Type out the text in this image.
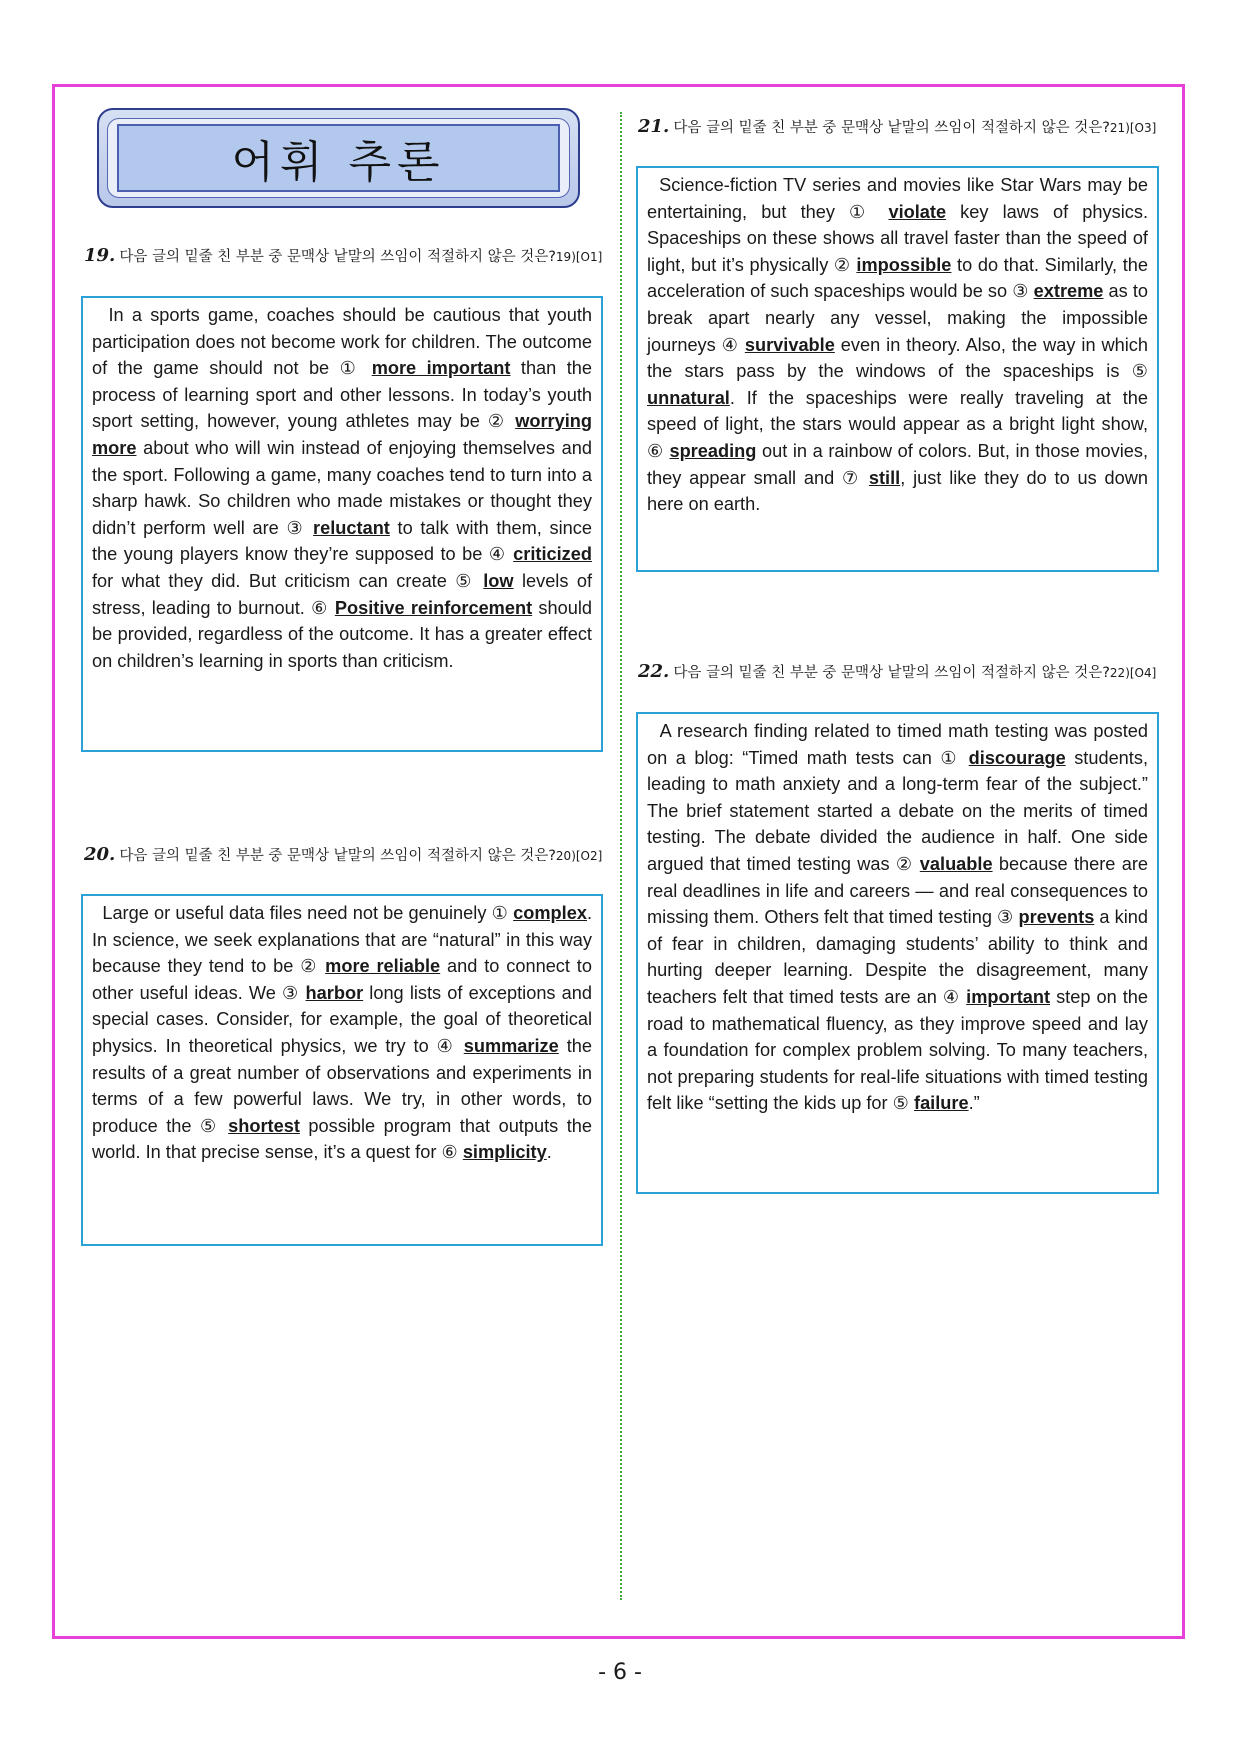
어휘 추론
19. 다음 글의 밑줄 친 부분 중 문맥상 낱말의 쓰임이 적절하지 않은 것은?19)[O1]
In a sports game, coaches should be cautious that youth participation does not become work for children. The outcome of the game should not be ① more important than the process of learning sport and other lessons. In today’s youth sport setting, however, young athletes may be ② worrying more about who will win instead of enjoying themselves and the sport. Following a game, many coaches tend to turn into a sharp hawk. So children who made mistakes or thought they didn’t perform well are ③ reluctant to talk with them, since the young players know they’re supposed to be ④ criticized for what they did. But criticism can create ⑤ low levels of stress, leading to burnout. ⑥ Positive reinforcement should be provided, regardless of the outcome. It has a greater effect on children’s learning in sports than criticism.
20. 다음 글의 밑줄 친 부분 중 문맥상 낱말의 쓰임이 적절하지 않은 것은?20)[O2]
Large or useful data files need not be genuinely ① complex. In science, we seek explanations that are “natural” in this way because they tend to be ② more reliable and to connect to other useful ideas. We ③ harbor long lists of exceptions and special cases. Consider, for example, the goal of theoretical physics. In theoretical physics, we try to ④ summarize the results of a great number of observations and experiments in terms of a few powerful laws. We try, in other words, to produce the ⑤ shortest possible program that outputs the world. In that precise sense, it’s a quest for ⑥ simplicity.
21. 다음 글의 밑줄 친 부분 중 문맥상 낱말의 쓰임이 적절하지 않은 것은?21)[O3]
Science-fiction TV series and movies like Star Wars may be entertaining, but they ① violate key laws of physics. Spaceships on these shows all travel faster than the speed of light, but it’s physically ② impossible to do that. Similarly, the acceleration of such spaceships would be so ③ extreme as to break apart nearly any vessel, making the impossible journeys ④ survivable even in theory. Also, the way in which the stars pass by the windows of the spaceships is ⑤ unnatural. If the spaceships were really traveling at the speed of light, the stars would appear as a bright light show, ⑥ spreading out in a rainbow of colors. But, in those movies, they appear small and ⑦ still, just like they do to us down here on earth.
22. 다음 글의 밑줄 친 부분 중 문맥상 낱말의 쓰임이 적절하지 않은 것은?22)[O4]
A research finding related to timed math testing was posted on a blog: “Timed math tests can ① discourage students, leading to math anxiety and a long-term fear of the subject.” The brief statement started a debate on the merits of timed testing. The debate divided the audience in half. One side argued that timed testing was ② valuable because there are real deadlines in life and careers — and real consequences to missing them. Others felt that timed testing ③ prevents a kind of fear in children, damaging students’ ability to think and hurting deeper learning. Despite the disagreement, many teachers felt that timed tests are an ④ important step on the road to mathematical fluency, as they improve speed and lay a foundation for complex problem solving. To many teachers, not preparing students for real-life situations with timed testing felt like “setting the kids up for ⑤ failure.”
- 6 -
